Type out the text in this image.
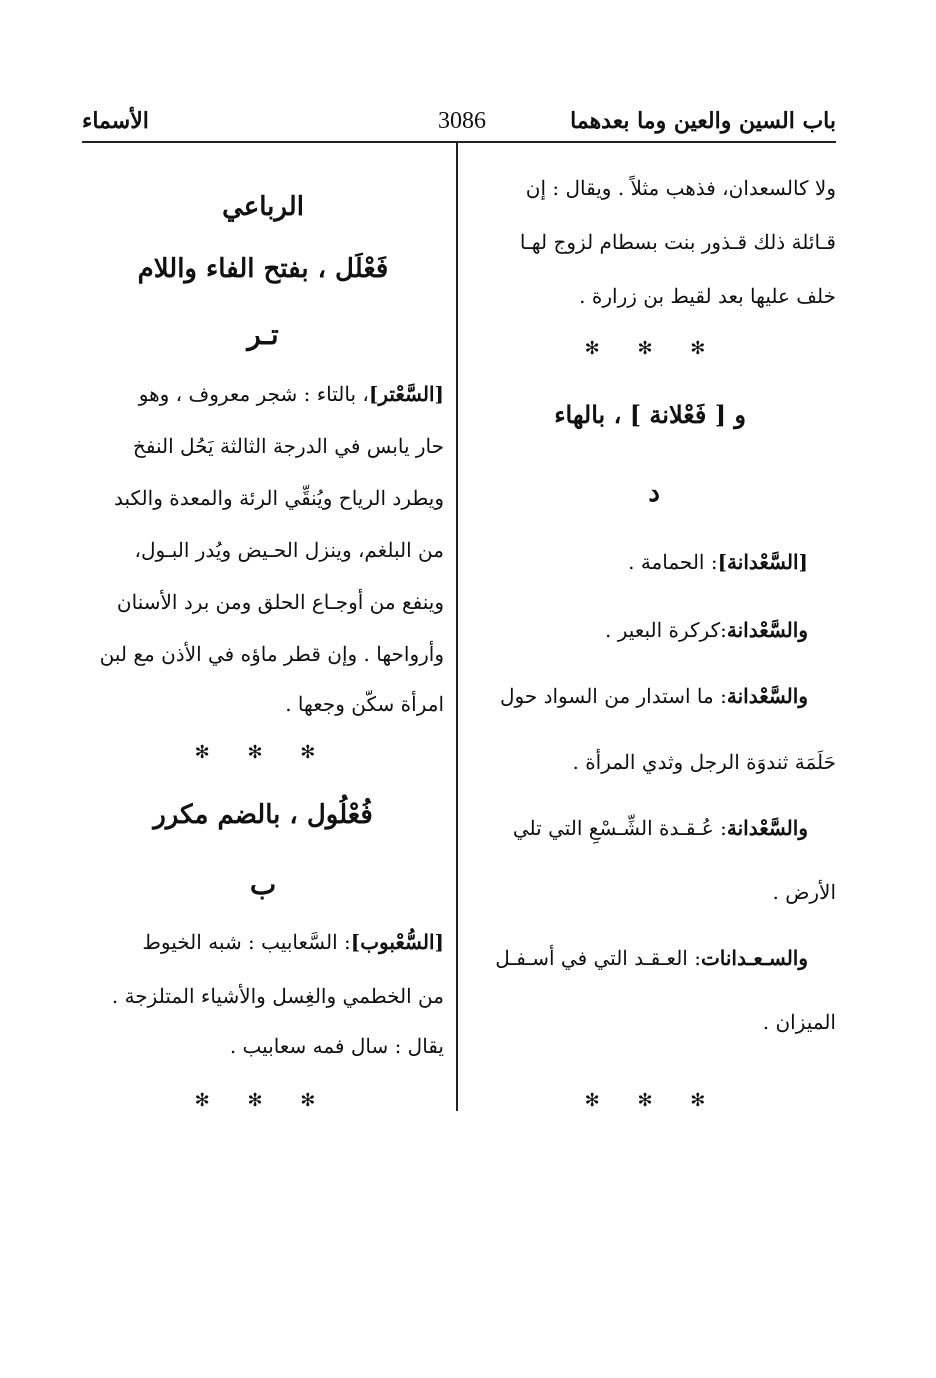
باب السين والعين وما بعدهما
3086
الأسماء
ولا كالسعدان، فذهب مثلاً . ويقال : إن
قـائلة ذلك قـذور بنت بسطام لزوج لهـا
خلف عليها بعد لقيط بن زرارة .
✻ ✻ ✻
و [ فَعْلانة ] ، بالهاء
د
[السَّعْدانة]: الحمامة .
والسَّعْدانة:كركرة البعير .
والسَّعْدانة: ما استدار من السواد حول
حَلَمَة ثندوَة الرجل وثدي المرأة .
والسَّعْدانة: عُـقـدة الشِّـسْعِ التي تلي
الأرض .
والسـعـدانات: العـقـد التي في أسـفـل
الميزان .
✻ ✻ ✻
الرباعي
فَعْلَل ، بفتح الفاء واللام
تـر
[السَّعْتر]، بالتاء : شجر معروف ، وهو
حار يابس في الدرجة الثالثة يَحُل النفخ
ويطرد الرياح ويُنقِّي الرئة والمعدة والكبد
من البلغم، وينزل الحـيض ويُدر البـول،
وينفع من أوجـاع الحلق ومن برد الأسنان
وأرواحها . وإن قطر ماؤه في الأذن مع لبن
امرأة سكّن وجعها .
✻ ✻ ✻
فُعْلُول ، بالضم مكرر
ب
[السُّعْبوب]: السَّعابيب : شبه الخيوط
من الخطمي والغِسل والأشياء المتلزجة .
يقال : سال فمه سعابيب .
✻ ✻ ✻
